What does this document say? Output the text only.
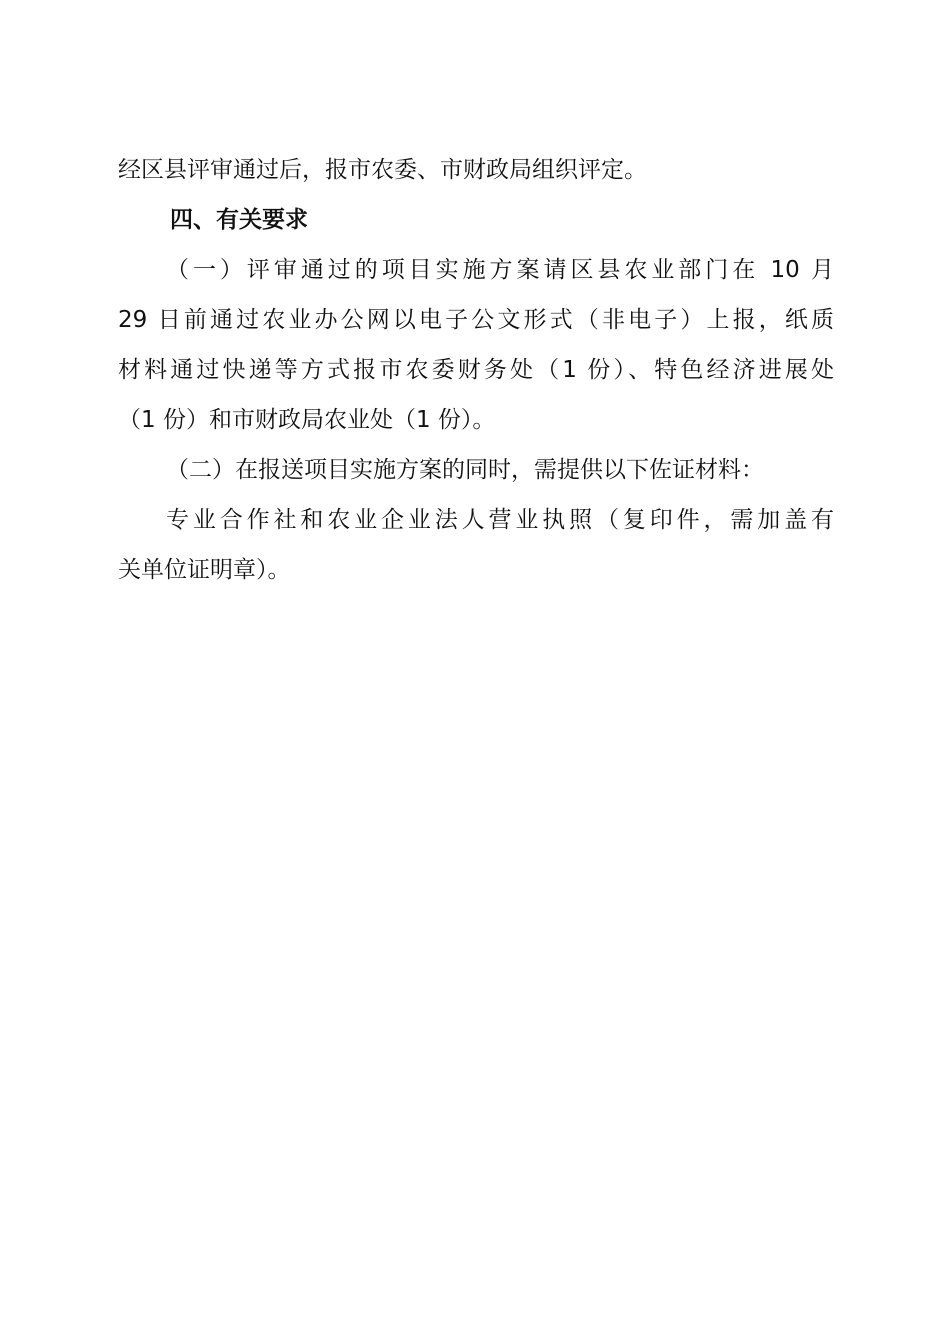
经区县评审通过后，报市农委、市财政局组织评定。
四、有关要求
（一）评审通过的项目实施方案请区县农业部门在 10 月
29 日前通过农业办公网以电子公文形式（非电子）上报，纸质
材料通过快递等方式报市农委财务处（1 份）、特色经济进展处
（1 份）和市财政局农业处（1 份）。
（二）在报送项目实施方案的同时，需提供以下佐证材料：
专业合作社和农业企业法人营业执照（复印件，需加盖有
关单位证明章）。
